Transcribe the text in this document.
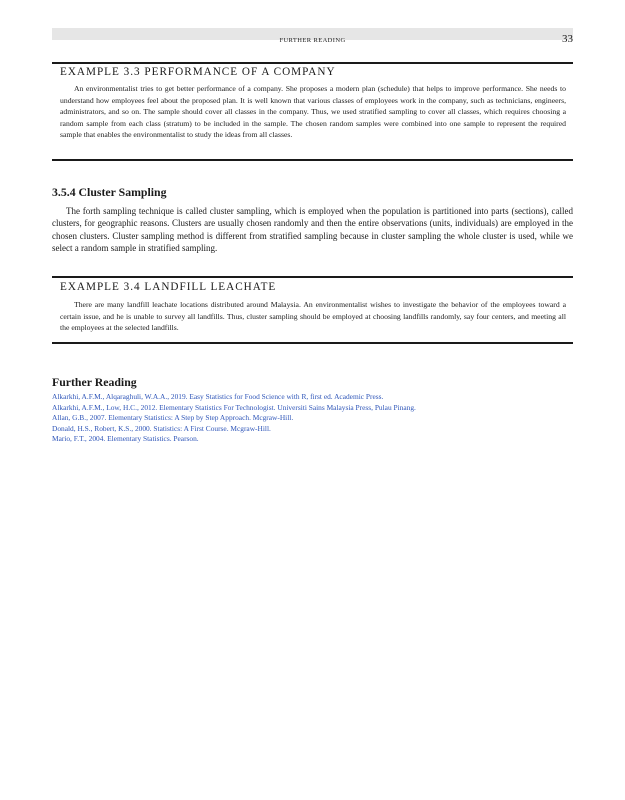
FURTHER READING	33
EXAMPLE 3.3 PERFORMANCE OF A COMPANY
An environmentalist tries to get better performance of a company. She proposes a modern plan (schedule) that helps to improve performance. She needs to understand how employees feel about the proposed plan. It is well known that various classes of employees work in the company, such as technicians, engineers, administrators, and so on. The sample should cover all classes in the company. Thus, we used stratified sampling to cover all classes, which requires choosing a random sample from each class (stratum) to be included in the sample. The chosen random samples were combined into one sample to represent the required sample that enables the environmentalist to study the ideas from all classes.
3.5.4 Cluster Sampling
The forth sampling technique is called cluster sampling, which is employed when the population is partitioned into parts (sections), called clusters, for geographic reasons. Clusters are usually chosen randomly and then the entire observations (units, individuals) are employed in the chosen clusters. Cluster sampling method is different from stratified sampling because in cluster sampling the whole cluster is used, while we select a random sample in stratified sampling.
EXAMPLE 3.4 LANDFILL LEACHATE
There are many landfill leachate locations distributed around Malaysia. An environmentalist wishes to investigate the behavior of the employees toward a certain issue, and he is unable to survey all landfills. Thus, cluster sampling should be employed at choosing landfills randomly, say four centers, and meeting all the employees at the selected landfills.
Further Reading
Alkarkhi, A.F.M., Alqaraghuli, W.A.A., 2019. Easy Statistics for Food Science with R, first ed. Academic Press.
Alkarkhi, A.F.M., Low, H.C., 2012. Elementary Statistics For Technologist. Universiti Sains Malaysia Press, Pulau Pinang.
Allan, G.B., 2007. Elementary Statistics: A Step by Step Approach. Mcgraw-Hill.
Donald, H.S., Robert, K.S., 2000. Statistics: A First Course. Mcgraw-Hill.
Mario, F.T., 2004. Elementary Statistics. Pearson.
